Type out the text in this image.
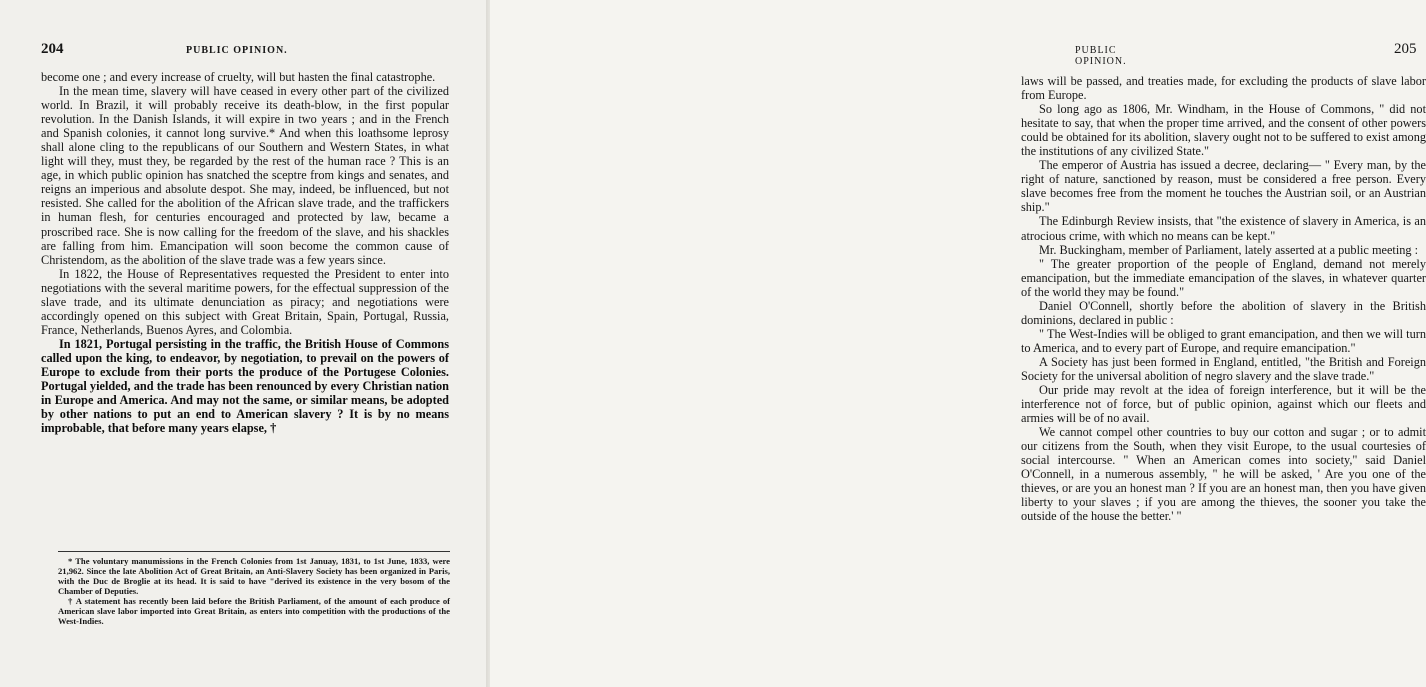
204	PUBLIC OPINION.

become one ; and every increase of cruelty, will but hasten the final catastrophe.

In the mean time, slavery will have ceased in every other part of the civilized world. In Brazil, it will probably receive its death-blow, in the first popular revolution. In the Danish Islands, it will expire in two years ; and in the French and Spanish colonies, it cannot long survive.* And when this loathsome leprosy shall alone cling to the republicans of our Southern and Western States, in what light will they, must they, be regarded by the rest of the human race ? This is an age, in which public opinion has snatched the sceptre from kings and senates, and reigns an imperious and absolute despot. She may, indeed, be influenced, but not resisted. She called for the abolition of the African slave trade, and the traffickers in human flesh, for centuries encouraged and protected by law, became a proscribed race. She is now calling for the freedom of the slave, and his shackles are falling from him. Emancipation will soon become the common cause of Christendom, as the abolition of the slave trade was a few years since.

In 1822, the House of Representatives requested the President to enter into negotiations with the several maritime powers, for the effectual suppression of the slave trade, and its ultimate denunciation as piracy; and negotiations were accordingly opened on this subject with Great Britain, Spain, Portugal, Russia, France, Netherlands, Buenos Ayres, and Colombia.

In 1821, Portugal persisting in the traffic, the British House of Commons called upon the king, to endeavor, by negotiation, to prevail on the powers of Europe to exclude from their ports the produce of the Portugese Colonies. Portugal yielded, and the trade has been renounced by every Christian nation in Europe and America. And may not the same, or similar means, be adopted by other nations to put an end to American slavery ? It is by no means improbable, that before many years elapse, †

* The voluntary manumissions in the French Colonies from 1st Januay, 1831, to 1st June, 1833, were 21,962. Since the late Abolition Act of Great Britain, an Anti-Slavery Society has been organized in Paris, with the Duc de Broglie at its head. It is said to have "derived its existence in the very bosom of the Chamber of Deputies.

† A statement has recently been laid before the British Parliament, of the amount of each produce of American slave labor imported into Great Britain, as enters into competition with the productions of the West-Indies.

PUBLIC OPINION.
205

laws will be passed, and treaties made, for excluding the products of slave labor from Europe.

So long ago as 1806, Mr. Windham, in the House of Commons, " did not hesitate to say, that when the proper time arrived, and the consent of other powers could be obtained for its abolition, slavery ought not to be suffered to exist among the institutions of any civilized State."

The emperor of Austria has issued a decree, declaring— " Every man, by the right of nature, sanctioned by reason, must be considered a free person. Every slave becomes free from the moment he touches the Austrian soil, or an Austrian ship."

The Edinburgh Review insists, that "the existence of slavery in America, is an atrocious crime, with which no means can be kept."

Mr. Buckingham, member of Parliament, lately asserted at a public meeting :

" The greater proportion of the people of England, demand not merely emancipation, but the immediate emancipation of the slaves, in whatever quarter of the world they may be found."

Daniel O'Connell, shortly before the abolition of slavery in the British dominions, declared in public :

" The West-Indies will be obliged to grant emancipation, and then we will turn to America, and to every part of Europe, and require emancipation."

A Society has just been formed in England, entitled, "the British and Foreign Society for the universal abolition of negro slavery and the slave trade."

Our pride may revolt at the idea of foreign interference, but it will be the interference not of force, but of public opinion, against which our fleets and armies will be of no avail.

We cannot compel other countries to buy our cotton and sugar ; or to admit our citizens from the South, when they visit Europe, to the usual courtesies of social intercourse. " When an American comes into society," said Daniel O'Connell, in a numerous assembly, " he will be asked, ' Are you one of the thieves, or are you an honest man ? If you are an honest man, then you have given liberty to your slaves ; if you are among the thieves, the sooner you take the outside of the house the better.' "
